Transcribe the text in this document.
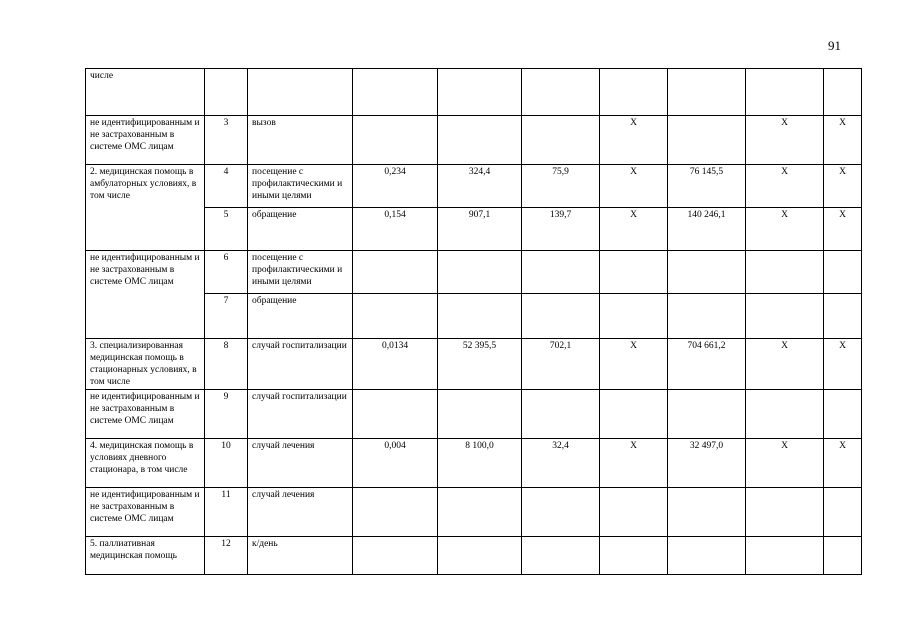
91
числе									
не идентифицированным и не застрахованным в системе ОМС лицам	3	вызов				Х		Х	Х
2. медицинская помощь в амбулаторных условиях, в том числе	4	посещение с профилактическими и иными целями	0,234	324,4	75,9	Х	76 145,5	Х	Х
	5	обращение	0,154	907,1	139,7	Х	140 246,1	Х	Х
не идентифицированным и не застрахованным в системе ОМС лицам	6	посещение с профилактическими и иными целями							
	7	обращение							
3. специализированная медицинская помощь в стационарных условиях, в том числе	8	случай госпитализации	0,0134	52 395,5	702,1	Х	704 661,2	Х	Х
не идентифицированным и не застрахованным в системе ОМС лицам	9	случай госпитализации							
4. медицинская помощь в условиях дневного стационара, в том числе	10	случай лечения	0,004	8 100,0	32,4	Х	32 497,0	Х	Х
не идентифицированным и не застрахованным в системе ОМС лицам	11	случай лечения							
5. паллиативная медицинская помощь	12	к/день							
